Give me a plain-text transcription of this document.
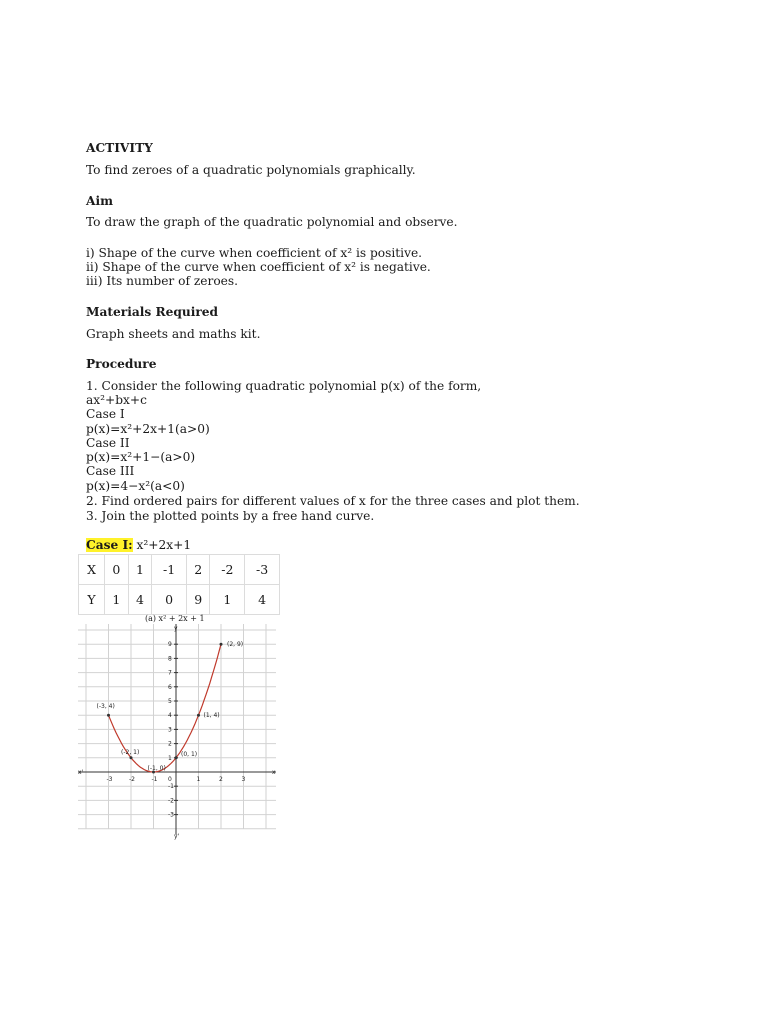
ACTIVITY
To find zeroes of a quadratic polynomials graphically.
Aim
To draw the graph of the quadratic polynomial and observe.
i) Shape of the curve when coefficient of x² is positive.
ii) Shape of the curve when coefficient of x² is negative.
iii) Its number of zeroes.
Materials Required
Graph sheets and maths kit.
Procedure
1. Consider the following quadratic polynomial p(x) of the form,
ax²+bx+c
Case I
p(x)=x²+2x+1(a>0)
Case II
p(x)=x²+1−(a>0)
Case III
p(x)=4−x²(a<0)
2. Find ordered pairs for different values of x for the three cases and plot them.
3. Join the plotted points by a free hand curve.
Case I: x²+2x+1
X	0	1	-1	2	-2	-3
Y	1	4	0	9	1	4
(a) x² + 2x + 1
x'	x
y
y'
-3	-2	-1 0	1	2	3
9
8
7
6
5
4
3
2
1
-1
-2
-3
(-3, 4)
(-2, 1)
(-1, 0)
(0, 1)
(1, 4)
(2, 9)
